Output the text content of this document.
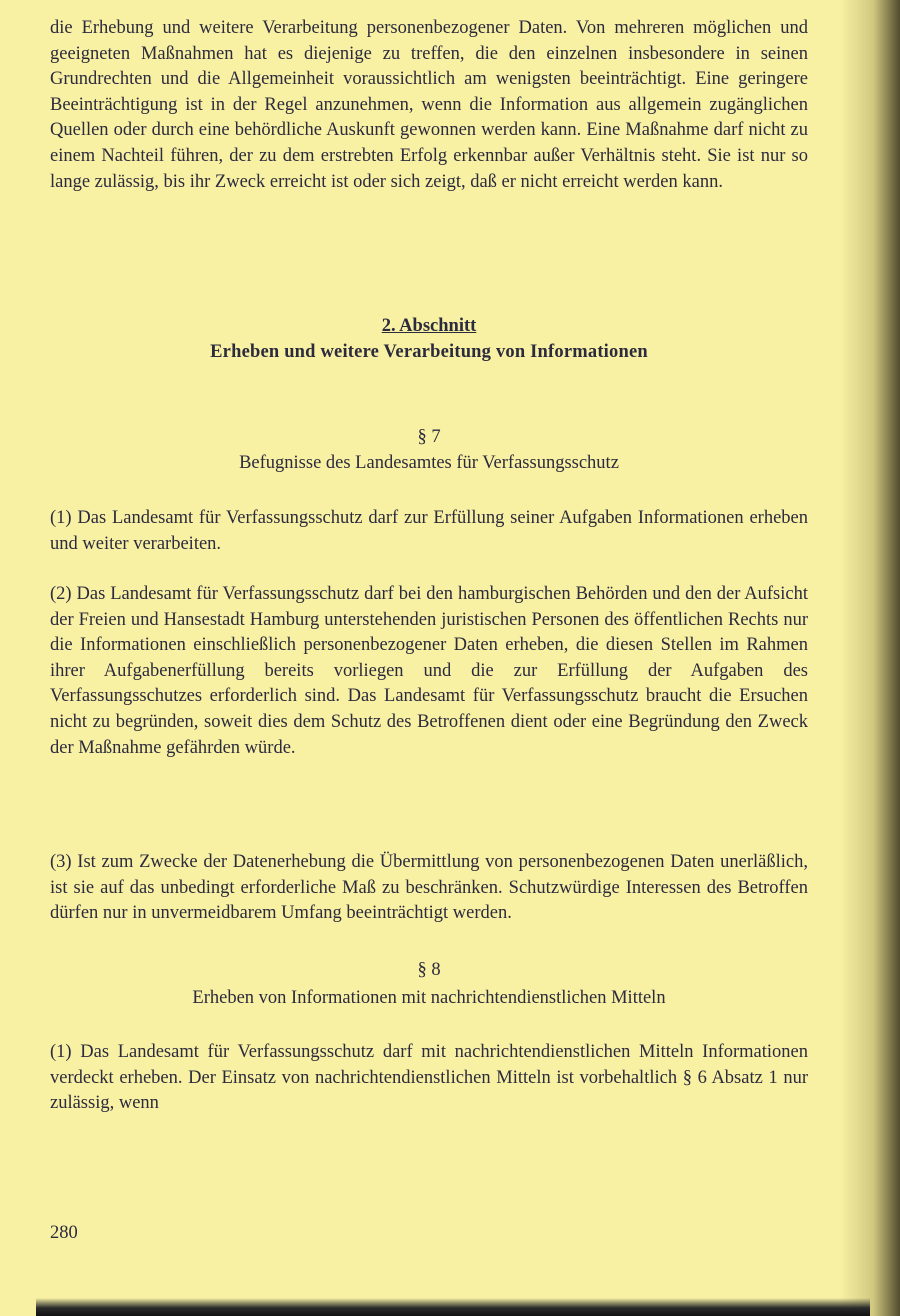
die Erhebung und weitere Verarbeitung personenbezogener Daten. Von mehreren möglichen und geeigneten Maßnahmen hat es diejenige zu treffen, die den einzelnen insbesondere in seinen Grundrechten und die Allgemeinheit voraussichtlich am wenigsten beeinträchtigt. Eine geringere Beeinträchtigung ist in der Regel anzunehmen, wenn die Information aus allgemein zugänglichen Quellen oder durch eine behördliche Auskunft gewonnen werden kann. Eine Maßnahme darf nicht zu einem Nachteil führen, der zu dem erstrebten Erfolg erkennbar außer Verhältnis steht. Sie ist nur so lange zulässig, bis ihr Zweck erreicht ist oder sich zeigt, daß er nicht erreicht werden kann.

2. Abschnitt
Erheben und weitere Verarbeitung von Informationen
§ 7
Befugnisse des Landesamtes für Verfassungsschutz

(1) Das Landesamt für Verfassungsschutz darf zur Erfüllung seiner Aufgaben Informationen erheben und weiter verarbeiten.

(2) Das Landesamt für Verfassungsschutz darf bei den hamburgischen Behörden und den der Aufsicht der Freien und Hansestadt Hamburg unterstehenden juristischen Personen des öffentlichen Rechts nur die Informationen einschließlich personenbezogener Daten erheben, die diesen Stellen im Rahmen ihrer Aufgabenerfüllung bereits vorliegen und die zur Erfüllung der Aufgaben des Verfassungsschutzes erforderlich sind. Das Landesamt für Verfassungsschutz braucht die Ersuchen nicht zu begründen, soweit dies dem Schutz des Betroffenen dient oder eine Begründung den Zweck der Maßnahme gefährden würde.

(3) Ist zum Zwecke der Datenerhebung die Übermittlung von personenbezogenen Daten unerläßlich, ist sie auf das unbedingt erforderliche Maß zu beschränken. Schutzwürdige Interessen des Betroffen dürfen nur in unvermeidbarem Umfang beeinträchtigt werden.

§ 8
Erheben von Informationen mit nachrichtendienstlichen Mitteln

(1) Das Landesamt für Verfassungsschutz darf mit nachrichtendienstlichen Mitteln Informationen verdeckt erheben. Der Einsatz von nachrichtendienstlichen Mitteln ist vorbehaltlich § 6 Absatz 1 nur zulässig, wenn

280
